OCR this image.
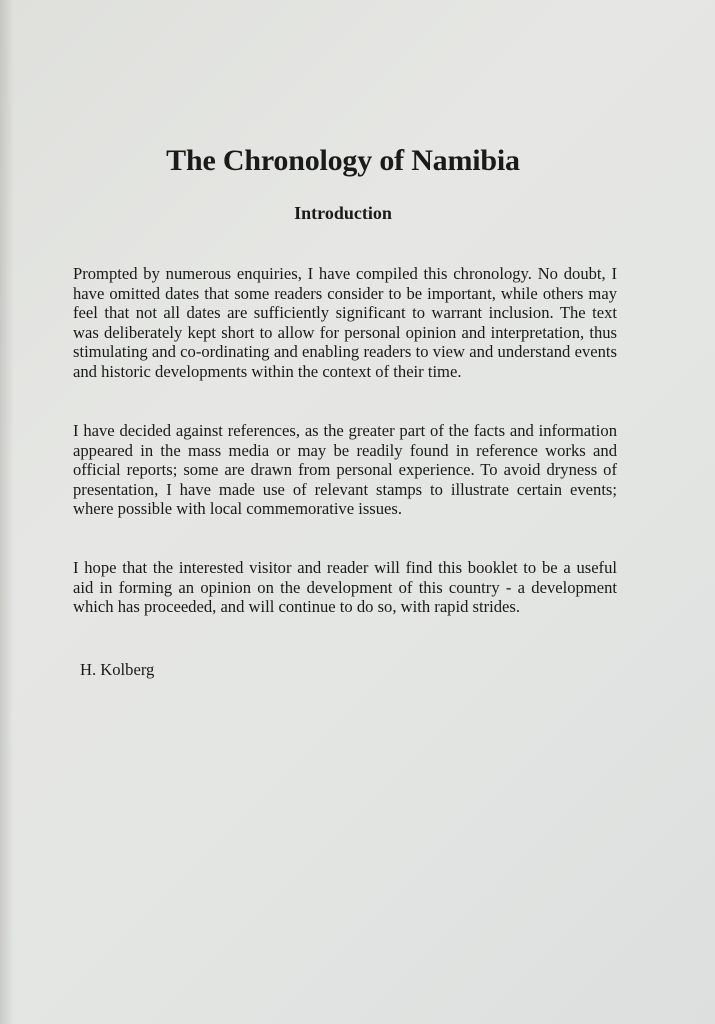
The Chronology of Namibia
Introduction

Prompted by numerous enquiries, I have compiled this chronology. No doubt, I have omitted dates that some readers consider to be important, while others may feel that not all dates are sufficiently significant to warrant inclusion. The text was deliberately kept short to allow for personal opinion and interpretation, thus stimulating and co-ordinating and enabling readers to view and understand events and historic developments within the context of their time.

I have decided against references, as the greater part of the facts and information appeared in the mass media or may be readily found in reference works and official reports; some are drawn from personal experience. To avoid dryness of presentation, I have made use of relevant stamps to illustrate certain events; where possible with local commemorative issues.

I hope that the interested visitor and reader will find this booklet to be a useful aid in forming an opinion on the development of this country - a development which has proceeded, and will continue to do so, with rapid strides.

H. Kolberg
